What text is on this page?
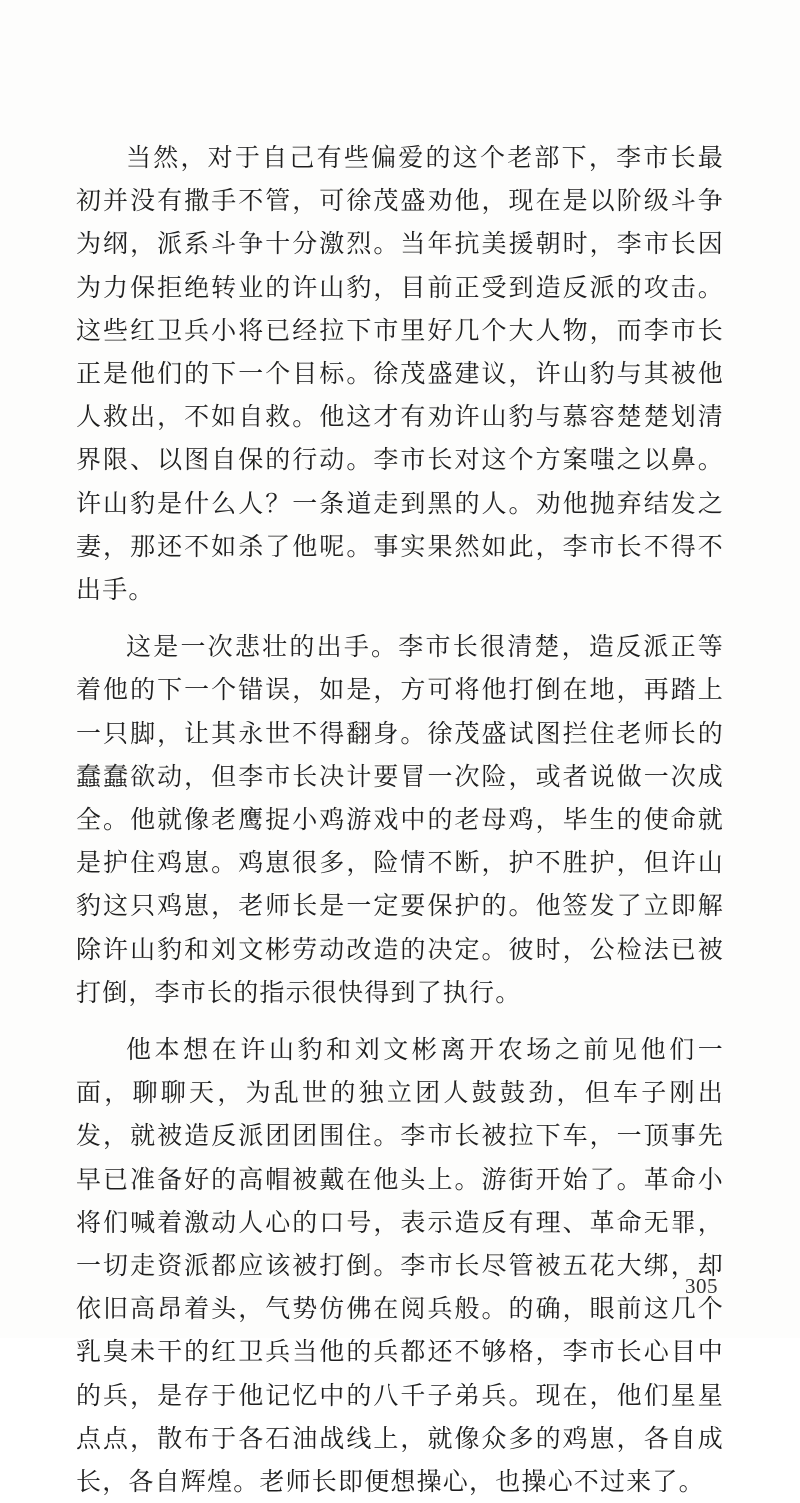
当然，对于自己有些偏爱的这个老部下，李市长最初并没有撒手不管，可徐茂盛劝他，现在是以阶级斗争为纲，派系斗争十分激烈。当年抗美援朝时，李市长因为力保拒绝转业的许山豹，目前正受到造反派的攻击。这些红卫兵小将已经拉下市里好几个大人物，而李市长正是他们的下一个目标。徐茂盛建议，许山豹与其被他人救出，不如自救。他这才有劝许山豹与慕容楚楚划清界限、以图自保的行动。李市长对这个方案嗤之以鼻。许山豹是什么人？一条道走到黑的人。劝他抛弃结发之妻，那还不如杀了他呢。事实果然如此，李市长不得不出手。

这是一次悲壮的出手。李市长很清楚，造反派正等着他的下一个错误，如是，方可将他打倒在地，再踏上一只脚，让其永世不得翻身。徐茂盛试图拦住老师长的蠢蠢欲动，但李市长决计要冒一次险，或者说做一次成全。他就像老鹰捉小鸡游戏中的老母鸡，毕生的使命就是护住鸡崽。鸡崽很多，险情不断，护不胜护，但许山豹这只鸡崽，老师长是一定要保护的。他签发了立即解除许山豹和刘文彬劳动改造的决定。彼时，公检法已被打倒，李市长的指示很快得到了执行。

他本想在许山豹和刘文彬离开农场之前见他们一面，聊聊天，为乱世的独立团人鼓鼓劲，但车子刚出发，就被造反派团团围住。李市长被拉下车，一顶事先早已准备好的高帽被戴在他头上。游街开始了。革命小将们喊着激动人心的口号，表示造反有理、革命无罪，一切走资派都应该被打倒。李市长尽管被五花大绑，却依旧高昂着头，气势仿佛在阅兵般。的确，眼前这几个乳臭未干的红卫兵当他的兵都还不够格，李市长心目中的兵，是存于他记忆中的八千子弟兵。现在，他们星星点点，散布于各石油战线上，就像众多的鸡崽，各自成长，各自辉煌。老师长即便想操心，也操心不过来了。

305
